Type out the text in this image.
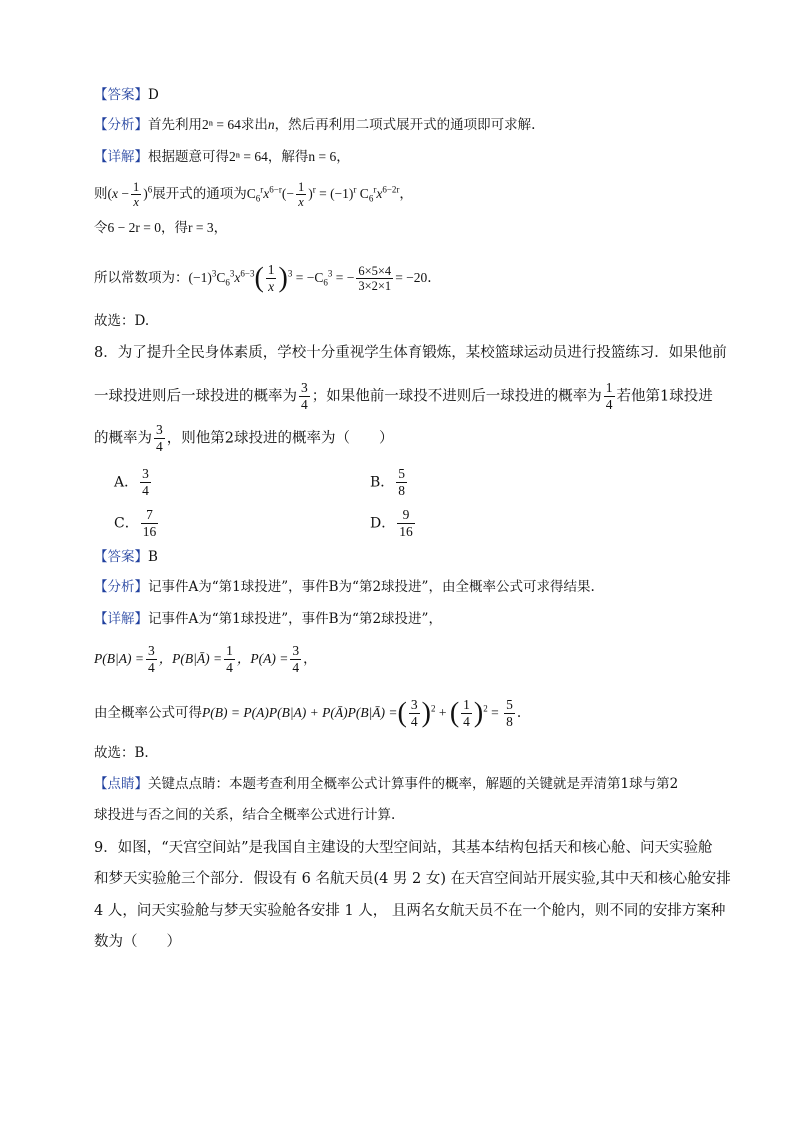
【答案】D
【分析】首先利用2ⁿ = 64求出n，然后再利用二项式展开式的通项即可求解.
【详解】根据题意可得2ⁿ = 64，解得n = 6，
则$(x - \frac{1}{x} )^6$展开式的通项为$C_6^rx^{6-r}(- \frac{1}{x} )^r = (-1)^r$ $C_6^rx^{6-2r}$，
令6 − 2r = 0，得r = 3，
所以常数项为：$(-1)^3C_6^3x^{6-3}( \frac{1}{x} )^3 = -C_6^3$ = − $\frac{6\times 5\times 4}{3\times 2\times 1} = -20$.
故选：D.
8．为了提升全民身体素质，学校十分重视学生体育锻炼，某校篮球运动员进行投篮练习．如果他前
一球投进则后一球投进的概率为 $\frac{3}{4}$ ；如果他前一球投不进则后一球投进的概率为 $\frac{1}{4}$ 若他第1球投进
的概率为 $\frac{3}{4}$ ，则他第2球投进的概率为（　　）
A． $\frac{3}{4}$	B． $\frac{5}{8}$
C． $\frac{7}{16}$	D． $\frac{9}{16}$
【答案】B
【分析】记事件A为“第1球投进”，事件B为“第2球投进”，由全概率公式可求得结果.
【详解】记事件A为“第1球投进”，事件B为“第2球投进”，
$P(B|A) = \frac{3}{4}$ ，P(B|Ā) = $\frac{1}{4}$ ，$P(A) = \frac{3}{4}$ ，
由全概率公式可得P(B) = P(A)P(B|A) + P(Ā)P(B|Ā) =( $\frac{3}{4} )^2$ + ( $\frac{1}{4} )^2 = \frac{5}{8}$ .
故选：B.
【点睛】关键点点睛：本题考查利用全概率公式计算事件的概率，解题的关键就是弄清第1球与第2
球投进与否之间的关系，结合全概率公式进行计算.
9．如图，“天宫空间站”是我国自主建设的大型空间站，其基本结构包括天和核心舱、问天实验舱
和梦天实验舱三个部分．假设有 6 名航天员(4 男 2 女) 在天宫空间站开展实验,其中天和核心舱安排
4 人，问天实验舱与梦天实验舱各安排 1 人， 且两名女航天员不在一个舱内，则不同的安排方案种
数为（　　）
